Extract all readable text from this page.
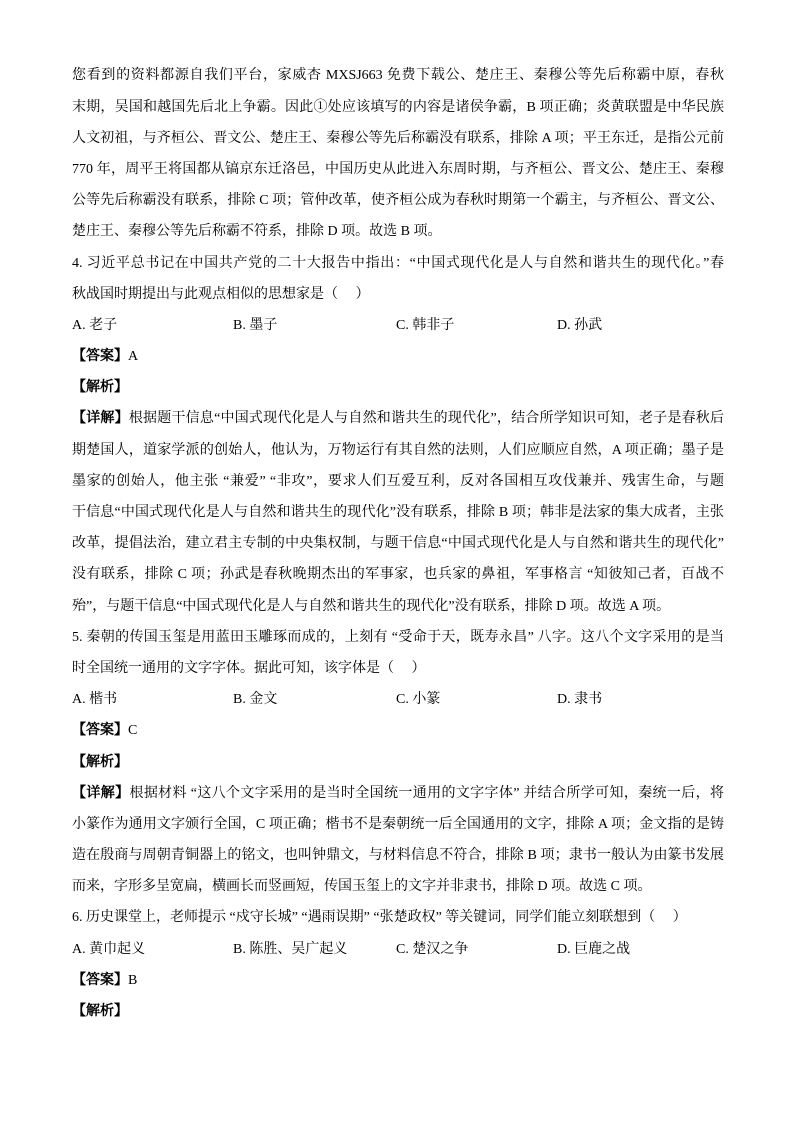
您看到的资料都源自我们平台，家威杏 MXSJ663 免费下载公、楚庄王、秦穆公等先后称霸中原，春秋
末期，吴国和越国先后北上争霸。因此①处应该填写的内容是诸侯争霸，B 项正确；炎黄联盟是中华民族
人文初祖，与齐桓公、晋文公、楚庄王、秦穆公等先后称霸没有联系，排除 A 项；平王东迁，是指公元前
770 年，周平王将国都从镐京东迁洛邑，中国历史从此进入东周时期，与齐桓公、晋文公、楚庄王、秦穆
公等先后称霸没有联系，排除 C 项；管仲改革，使齐桓公成为春秋时期第一个霸主，与齐桓公、晋文公、
楚庄王、秦穆公等先后称霸不符系，排除 D 项。故选 B 项。
4. 习近平总书记在中国共产党的二十大报告中指出：“中国式现代化是人与自然和谐共生的现代化。”春
秋战国时期提出与此观点相似的思想家是（     ）
A. 老子	B. 墨子	C. 韩非子	D. 孙武
【答案】A
【解析】
【详解】根据题干信息“中国式现代化是人与自然和谐共生的现代化”，结合所学知识可知，老子是春秋后
期楚国人，道家学派的创始人，他认为，万物运行有其自然的法则，人们应顺应自然，A 项正确；墨子是
墨家的创始人，他主张 “兼爱” “非攻”，要求人们互爱互利，反对各国相互攻伐兼并、残害生命，与题
干信息“中国式现代化是人与自然和谐共生的现代化”没有联系，排除 B 项；韩非是法家的集大成者，主张
改革，提倡法治，建立君主专制的中央集权制，与题干信息“中国式现代化是人与自然和谐共生的现代化”
没有联系，排除 C 项；孙武是春秋晚期杰出的军事家，也兵家的鼻祖，军事格言 “知彼知己者，百战不
殆”，与题干信息“中国式现代化是人与自然和谐共生的现代化”没有联系，排除 D 项。故选 A 项。
5. 秦朝的传国玉玺是用蓝田玉雕琢而成的，上刻有 “受命于天，既寿永昌” 八字。这八个文字采用的是当
时全国统一通用的文字字体。据此可知，该字体是（     ）
A. 楷书	B. 金文	C. 小篆	D. 隶书
【答案】C
【解析】
【详解】根据材料 “这八个文字采用的是当时全国统一通用的文字字体” 并结合所学可知，秦统一后，将
小篆作为通用文字颁行全国，C 项正确；楷书不是秦朝统一后全国通用的文字，排除 A 项；金文指的是铸
造在殷商与周朝青铜器上的铭文，也叫钟鼎文，与材料信息不符合，排除 B 项；隶书一般认为由篆书发展
而来，字形多呈宽扁，横画长而竖画短，传国玉玺上的文字并非隶书，排除 D 项。故选 C 项。
6. 历史课堂上，老师提示 “戍守长城” “遇雨误期” “张楚政权” 等关键词，同学们能立刻联想到（     ）
A. 黄巾起义	B. 陈胜、吴广起义	C. 楚汉之争	D. 巨鹿之战
【答案】B
【解析】
